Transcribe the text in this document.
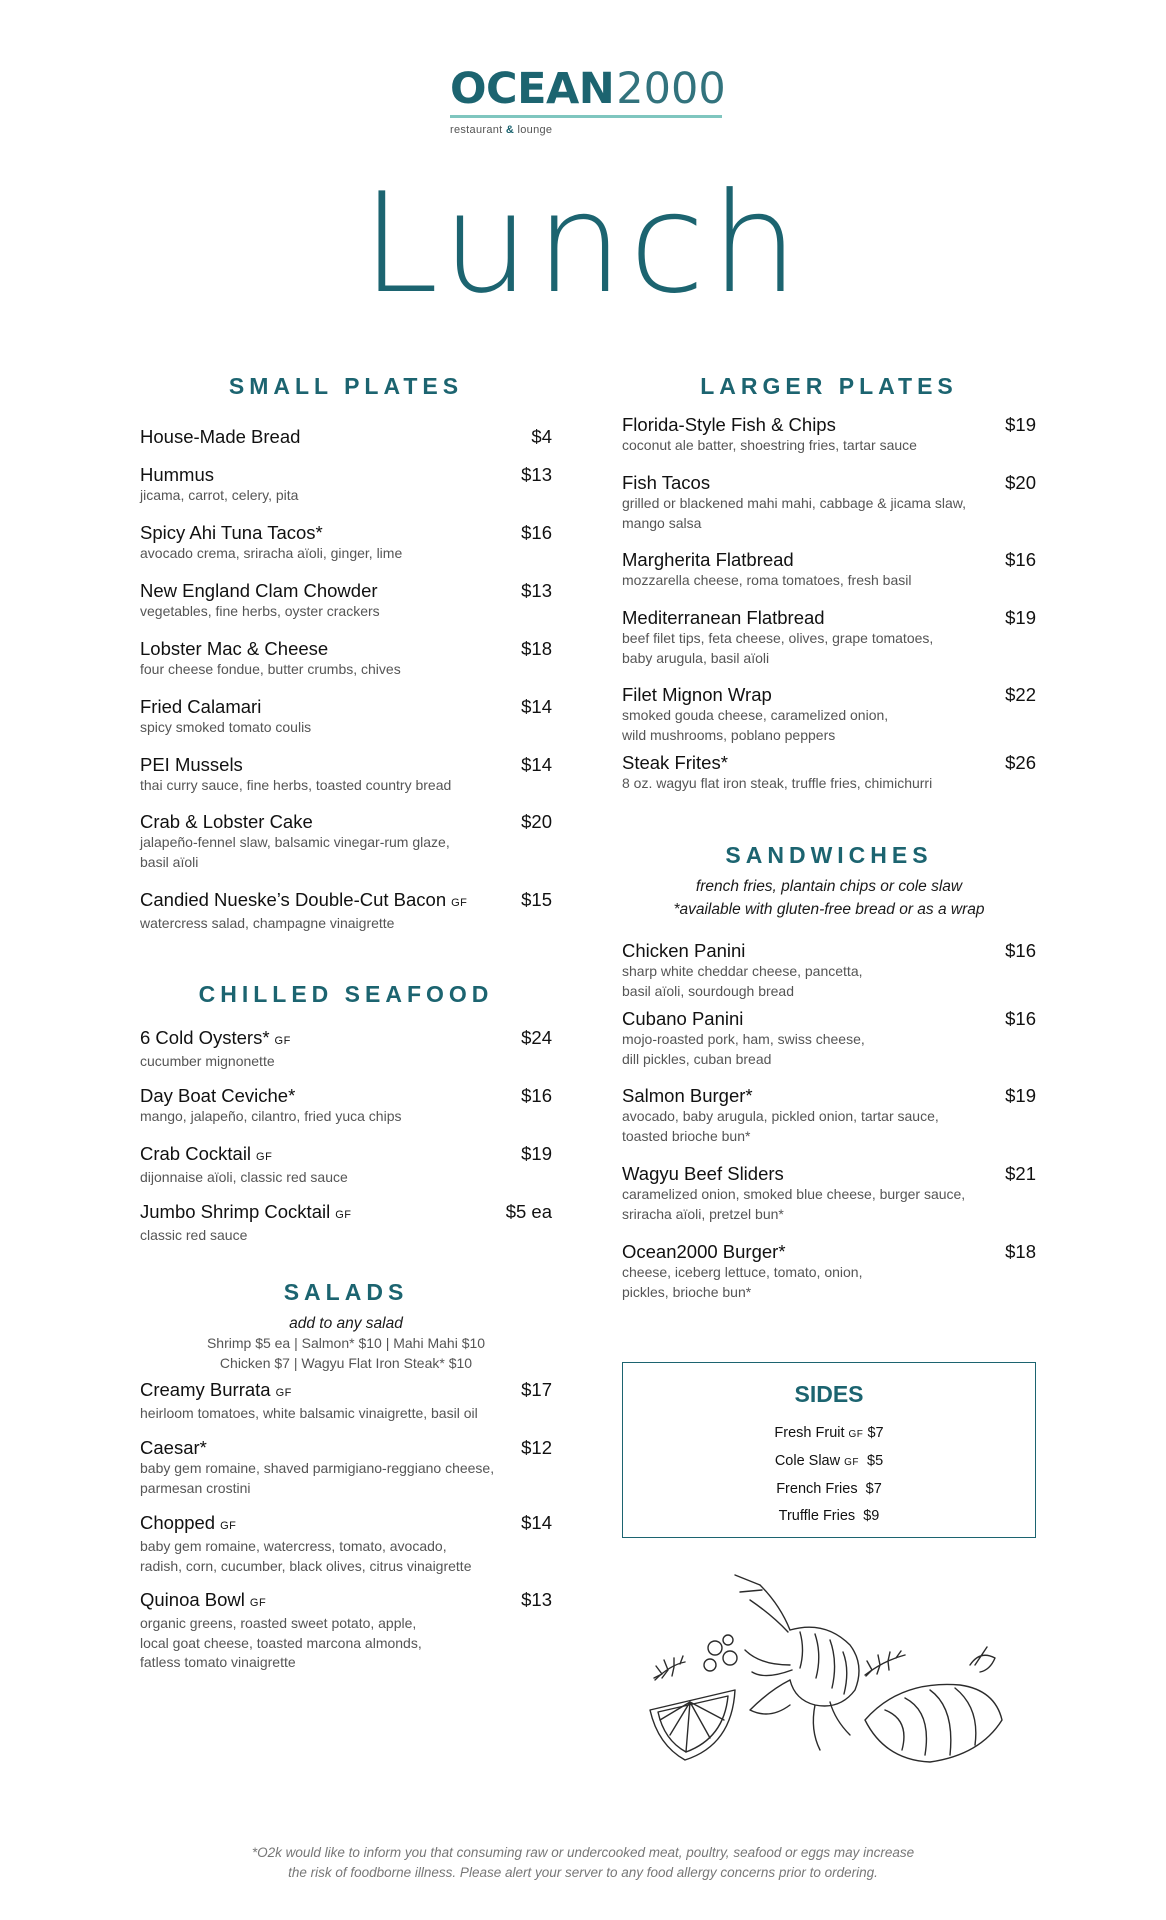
OCEAN 2000
restaurant & lounge
Lunch
SMALL PLATES
House-Made Bread	$4
Hummus	$13
jicama, carrot, celery, pita
Spicy Ahi Tuna Tacos*	$16
avocado crema, sriracha aïoli, ginger, lime
New England Clam Chowder	$13
vegetables, fine herbs, oyster crackers
Lobster Mac & Cheese	$18
four cheese fondue, butter crumbs, chives
Fried Calamari	$14
spicy smoked tomato coulis
PEI Mussels	$14
thai curry sauce, fine herbs, toasted country bread
Crab & Lobster Cake	$20
jalapeño-fennel slaw, balsamic vinegar-rum glaze,
basil aïoli
Candied Nueske’s Double-Cut Bacon GF	$15
watercress salad, champagne vinaigrette
CHILLED SEAFOOD
6 Cold Oysters* GF	$24
cucumber mignonette
Day Boat Ceviche*	$16
mango, jalapeño, cilantro, fried yuca chips
Crab Cocktail GF	$19
dijonnaise aïoli, classic red sauce
Jumbo Shrimp Cocktail GF	$5 ea
classic red sauce
SALADS
add to any salad
Shrimp $5 ea | Salmon* $10 | Mahi Mahi $10
Chicken $7 | Wagyu Flat Iron Steak* $10
Creamy Burrata GF	$17
heirloom tomatoes, white balsamic vinaigrette, basil oil
Caesar*	$12
baby gem romaine, shaved parmigiano-reggiano cheese,
parmesan crostini
Chopped GF	$14
baby gem romaine, watercress, tomato, avocado,
radish, corn, cucumber, black olives, citrus vinaigrette
Quinoa Bowl GF	$13
organic greens, roasted sweet potato, apple,
local goat cheese, toasted marcona almonds,
fatless tomato vinaigrette
LARGER PLATES
Florida-Style Fish & Chips	$19
coconut ale batter, shoestring fries, tartar sauce
Fish Tacos	$20
grilled or blackened mahi mahi, cabbage & jicama slaw,
mango salsa
Margherita Flatbread	$16
mozzarella cheese, roma tomatoes, fresh basil
Mediterranean Flatbread	$19
beef filet tips, feta cheese, olives, grape tomatoes,
baby arugula, basil aïoli
Filet Mignon Wrap	$22
smoked gouda cheese, caramelized onion,
wild mushrooms, poblano peppers
Steak Frites*	$26
8 oz. wagyu flat iron steak, truffle fries, chimichurri
SANDWICHES
french fries, plantain chips or cole slaw
*available with gluten-free bread or as a wrap
Chicken Panini	$16
sharp white cheddar cheese, pancetta,
basil aïoli, sourdough bread
Cubano Panini	$16
mojo-roasted pork, ham, swiss cheese,
dill pickles, cuban bread
Salmon Burger*	$19
avocado, baby arugula, pickled onion, tartar sauce,
toasted brioche bun*
Wagyu Beef Sliders	$21
caramelized onion, smoked blue cheese, burger sauce,
sriracha aïoli, pretzel bun*
Ocean2000 Burger*	$18
cheese, iceberg lettuce, tomato, onion,
pickles, brioche bun*
SIDES
Fresh Fruit GF $7
Cole Slaw GF $5
French Fries $7
Truffle Fries $9
*O2k would like to inform you that consuming raw or undercooked meat, poultry, seafood or eggs may increase
the risk of foodborne illness. Please alert your server to any food allergy concerns prior to ordering.
